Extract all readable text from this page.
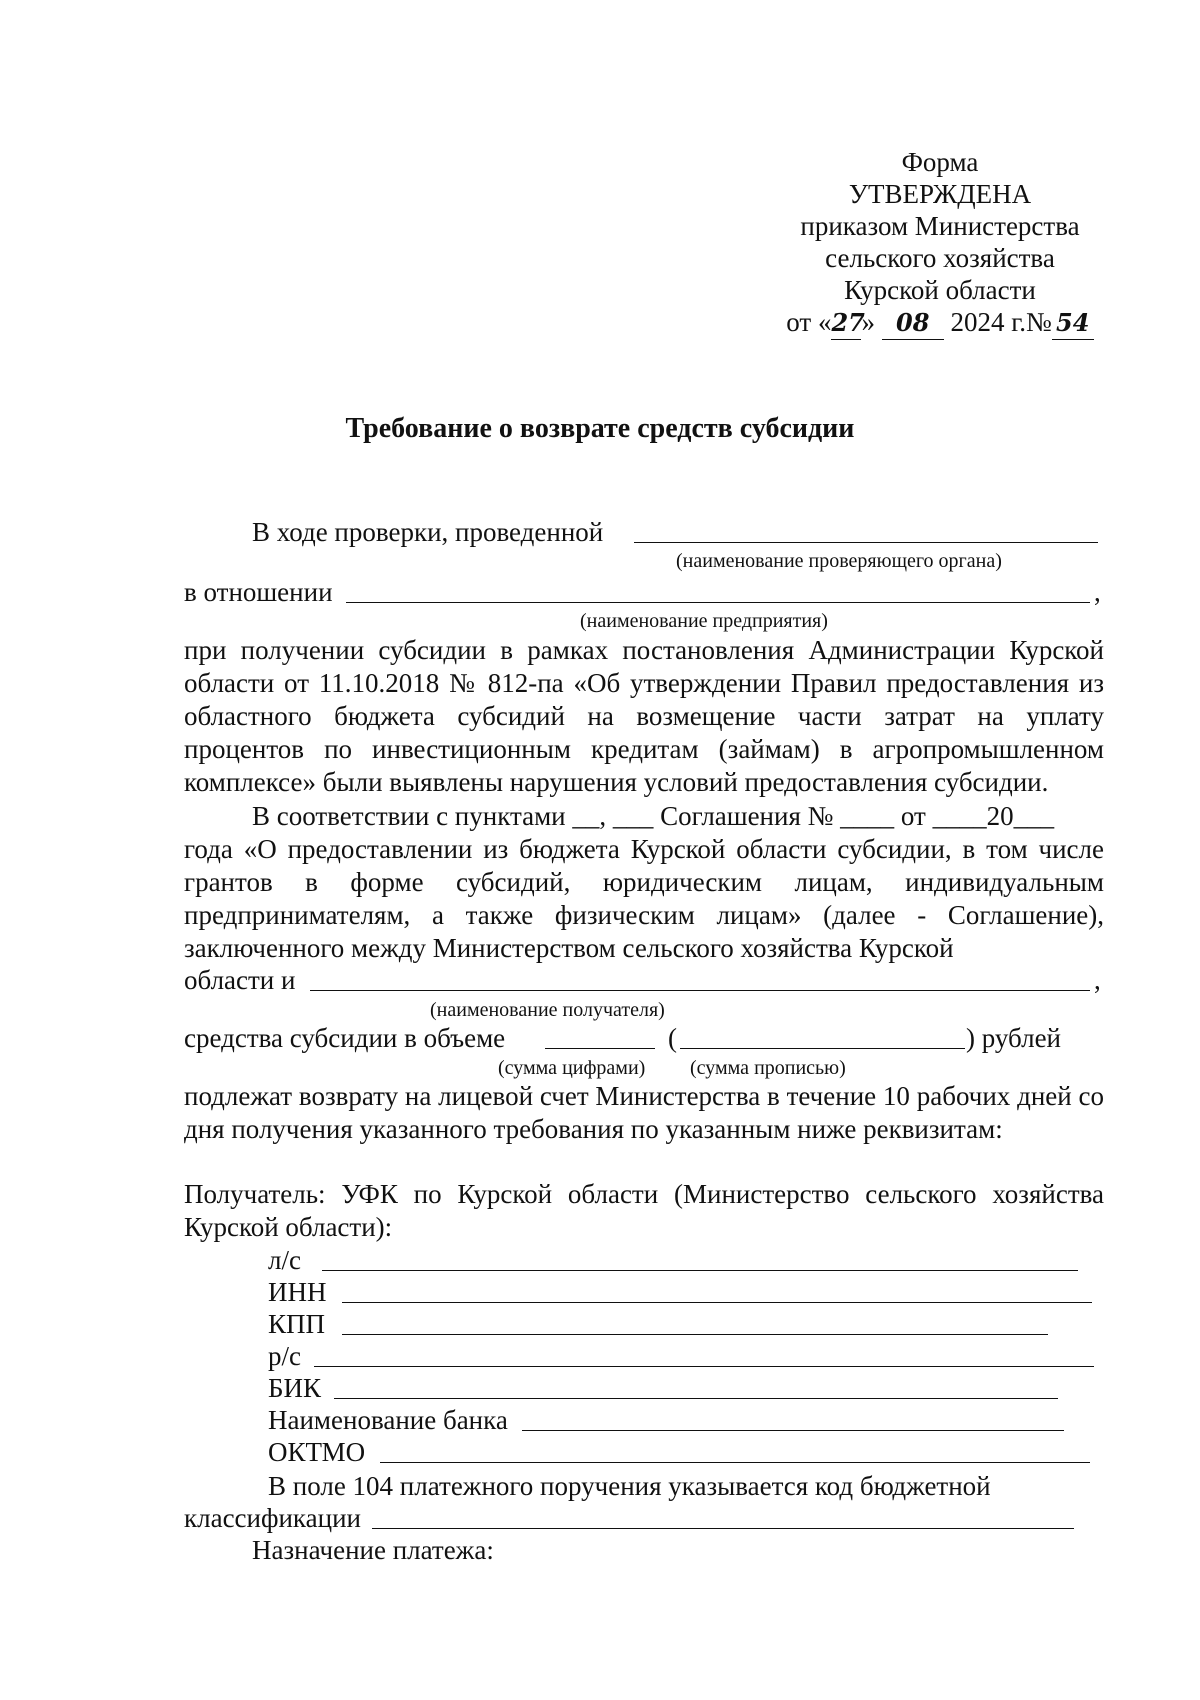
Форма
УТВЕРЖДЕНА
приказом Министерства
сельского хозяйства
Курской области
от «27» 08 2024 г.№ 54
Требование о возврате средств субсидии
В ходе проверки, проведенной
(наименование проверяющего органа)
в отношении	,
(наименование предприятия)
при получении субсидии в рамках постановления Администрации Курской области от 11.10.2018 № 812-па «Об утверждении Правил предоставления из областного бюджета субсидий на возмещение части затрат на уплату процентов по инвестиционным кредитам (займам) в агропромышленном комплексе» были выявлены нарушения условий предоставления субсидии.
В соответствии с пунктами __, ___ Соглашения № ____ от ____20___
года «О предоставлении из бюджета Курской области субсидии, в том числе грантов в форме субсидий, юридическим лицам, индивидуальным предпринимателям, а также физическим лицам» (далее - Соглашение), заключенного между Министерством сельского хозяйства Курской
области и	,
(наименование получателя)
средства субсидии в объеме	(	) рублей
(сумма цифрами) (сумма прописью)
подлежат возврату на лицевой счет Министерства в течение 10 рабочих дней со дня получения указанного требования по указанным ниже реквизитам:
Получатель: УФК по Курской области (Министерство сельского хозяйства Курской области):
л/с
ИНН
КПП
р/с
БИК
Наименование банка
ОКТМО
В поле 104 платежного поручения указывается код бюджетной
классификации
Назначение платежа:
